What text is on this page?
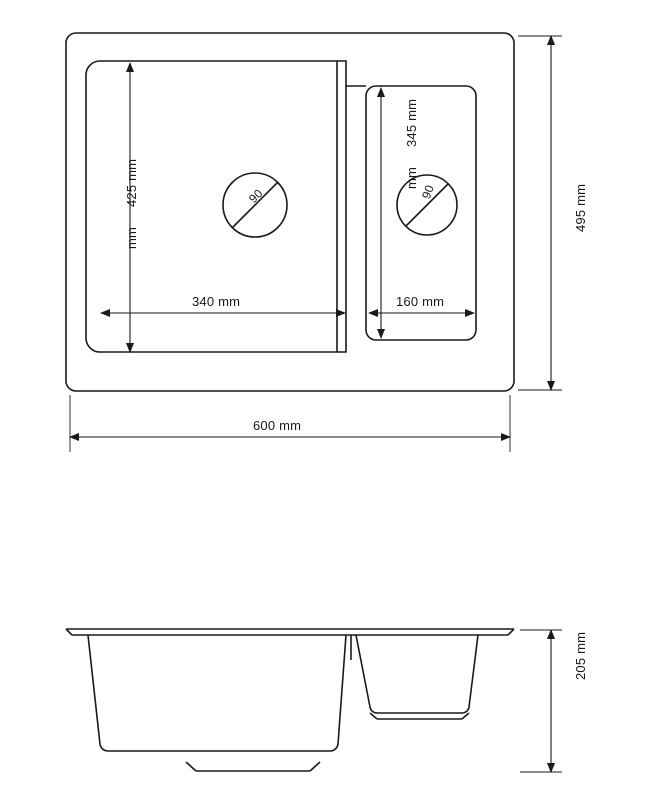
600 mm
495 mm
340 mm
425 mm
mm
160 mm
345 mm
mm
90	90
205 mm
